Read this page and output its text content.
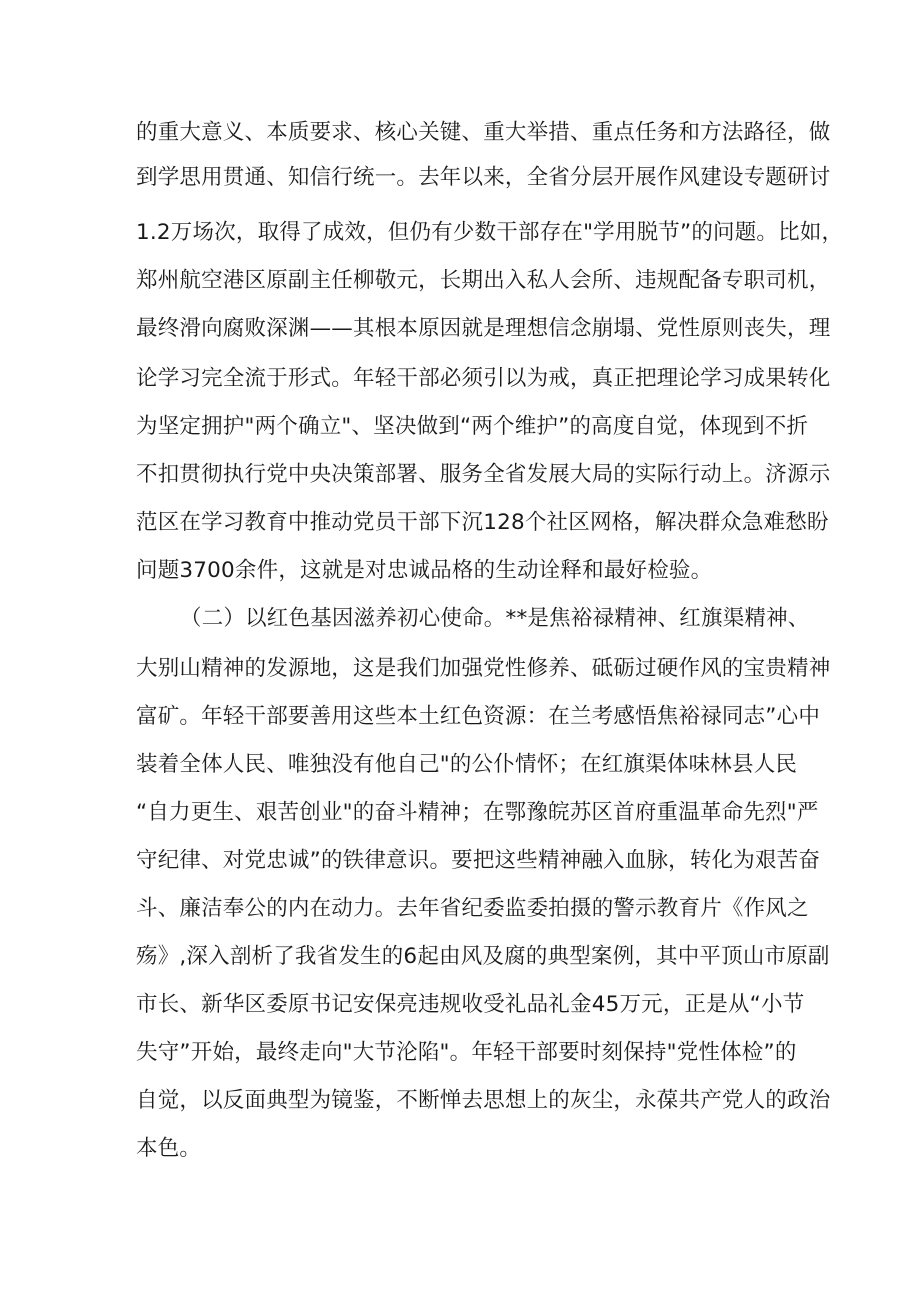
的重大意义、本质要求、核心关键、重大举措、重点任务和方法路径，做
到学思用贯通、知信行统一。去年以来，全省分层开展作风建设专题研讨
1.2万场次，取得了成效，但仍有少数干部存在"学用脱节”的问题。比如，
郑州航空港区原副主任柳敬元，长期出入私人会所、违规配备专职司机，
最终滑向腐败深渊——其根本原因就是理想信念崩塌、党性原则丧失，理
论学习完全流于形式。年轻干部必须引以为戒，真正把理论学习成果转化
为坚定拥护"两个确立"、坚决做到“两个维护”的高度自觉，体现到不折
不扣贯彻执行党中央决策部署、服务全省发展大局的实际行动上。济源示
范区在学习教育中推动党员干部下沉128个社区网格，解决群众急难愁盼
问题3700余件，这就是对忠诚品格的生动诠释和最好检验。
（二）以红色基因滋养初心使命。**是焦裕禄精神、红旗渠精神、
大别山精神的发源地，这是我们加强党性修养、砥砺过硬作风的宝贵精神
富矿。年轻干部要善用这些本土红色资源：在兰考感悟焦裕禄同志”心中
装着全体人民、唯独没有他自己"的公仆情怀；在红旗渠体味林县人民
“自力更生、艰苦创业"的奋斗精神；在鄂豫皖苏区首府重温革命先烈"严
守纪律、对党忠诚”的铁律意识。要把这些精神融入血脉，转化为艰苦奋
斗、廉洁奉公的内在动力。去年省纪委监委拍摄的警示教育片《作风之
殇》,深入剖析了我省发生的6起由风及腐的典型案例，其中平顶山市原副
市长、新华区委原书记安保亮违规收受礼品礼金45万元，正是从“小节
失守”开始，最终走向"大节沦陷"。年轻干部要时刻保持"党性体检”的
自觉，以反面典型为镜鉴，不断惮去思想上的灰尘，永葆共产党人的政治
本色。
